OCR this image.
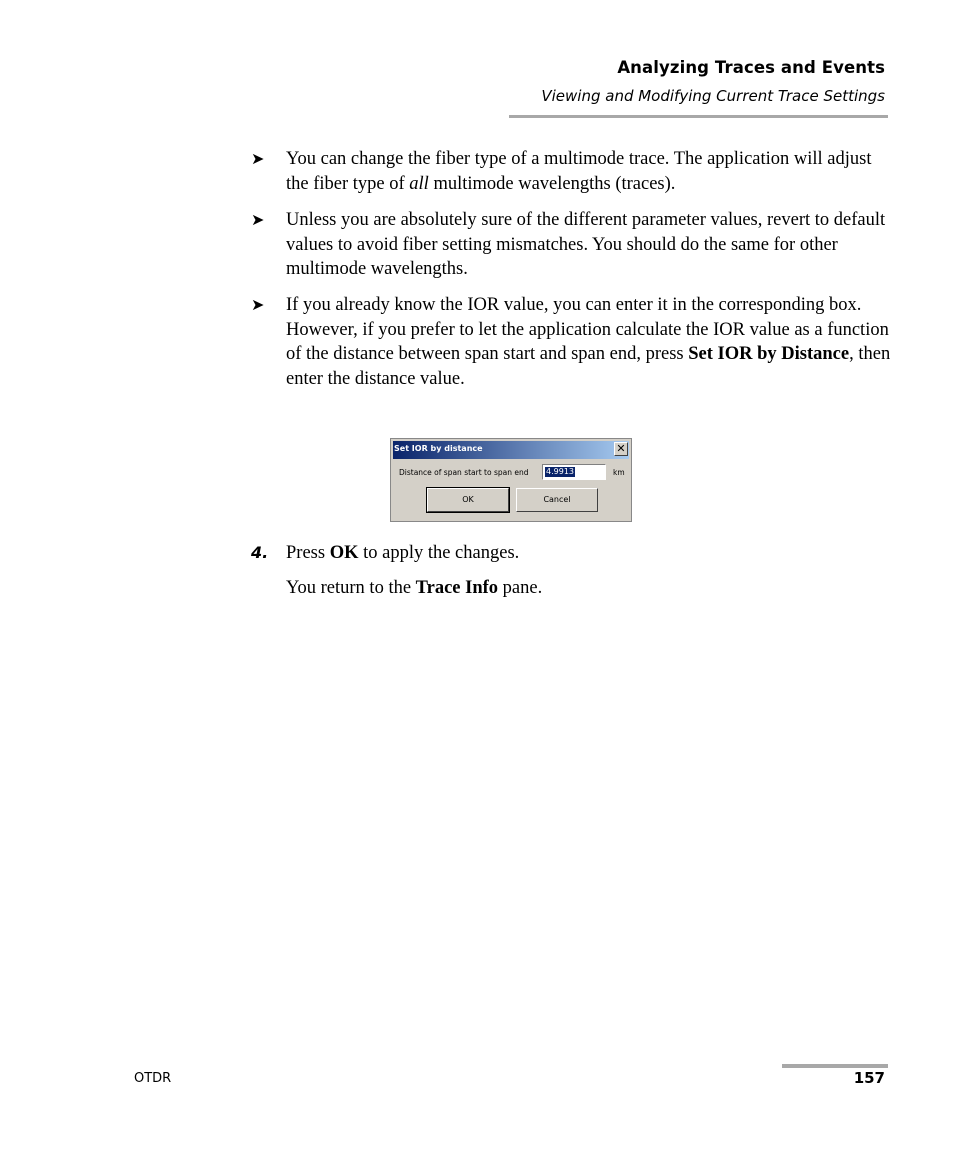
Analyzing Traces and Events
Viewing and Modifying Current Trace Settings
➤ You can change the fiber type of a multimode trace. The application will adjust the fiber type of all multimode wavelengths (traces).
➤ Unless you are absolutely sure of the different parameter values, revert to default values to avoid fiber setting mismatches. You should do the same for other multimode wavelengths.
➤ If you already know the IOR value, you can enter it in the corresponding box. However, if you prefer to let the application calculate the IOR value as a function of the distance between span start and span end, press Set IOR by Distance, then enter the distance value.
Set IOR by distance	✕
Distance of span start to span end 4.9913	km
OK	Cancel
4. Press OK to apply the changes.
You return to the Trace Info pane.
OTDR	157
